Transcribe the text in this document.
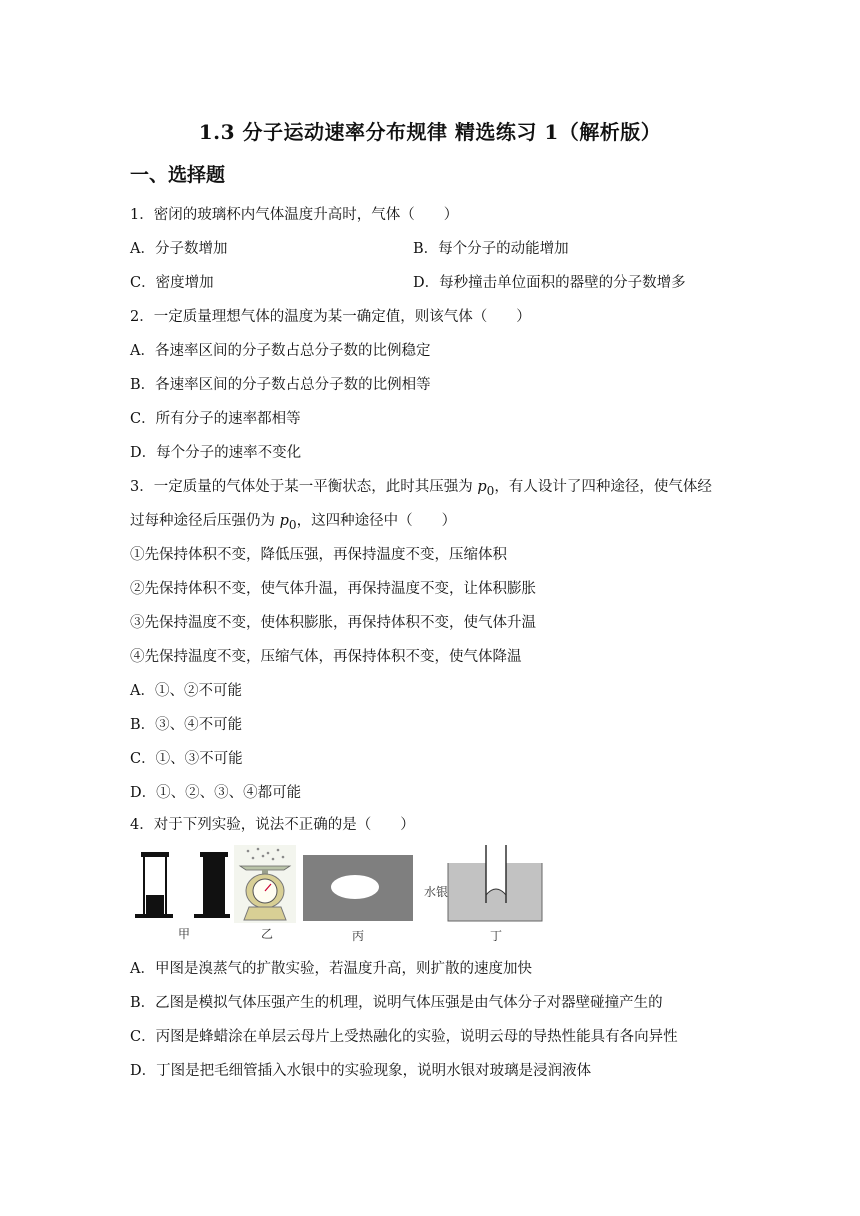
1.3 分子运动速率分布规律 精选练习 1（解析版）
一、选择题
1．密闭的玻璃杯内气体温度升高时，气体（　　）
A．分子数增加	B．每个分子的动能增加
C．密度增加	D．每秒撞击单位面积的器壁的分子数增多
2．一定质量理想气体的温度为某一确定值，则该气体（　　）
A．各速率区间的分子数占总分子数的比例稳定
B．各速率区间的分子数占总分子数的比例相等
C．所有分子的速率都相等
D．每个分子的速率不变化
3．一定质量的气体处于某一平衡状态，此时其压强为 $p_0$，有人设计了四种途径，使气体经
过每种途径后压强仍为 $p_0$，这四种途径中（　　）
①先保持体积不变，降低压强，再保持温度不变，压缩体积
②先保持体积不变，使气体升温，再保持温度不变，让体积膨胀
③先保持温度不变，使体积膨胀，再保持体积不变，使气体升温
④先保持温度不变，压缩气体，再保持体积不变，使气体降温
A．①、②不可能
B．③、④不可能
C．①、③不可能
D．①、②、③、④都可能
4．对于下列实验，说法不正确的是（　　）
甲	乙	丙
水银
丁
A．甲图是溴蒸气的扩散实验，若温度升高，则扩散的速度加快
B．乙图是模拟气体压强产生的机理，说明气体压强是由气体分子对器壁碰撞产生的
C．丙图是蜂蜡涂在单层云母片上受热融化的实验，说明云母的导热性能具有各向异性
D．丁图是把毛细管插入水银中的实验现象，说明水银对玻璃是浸润液体
